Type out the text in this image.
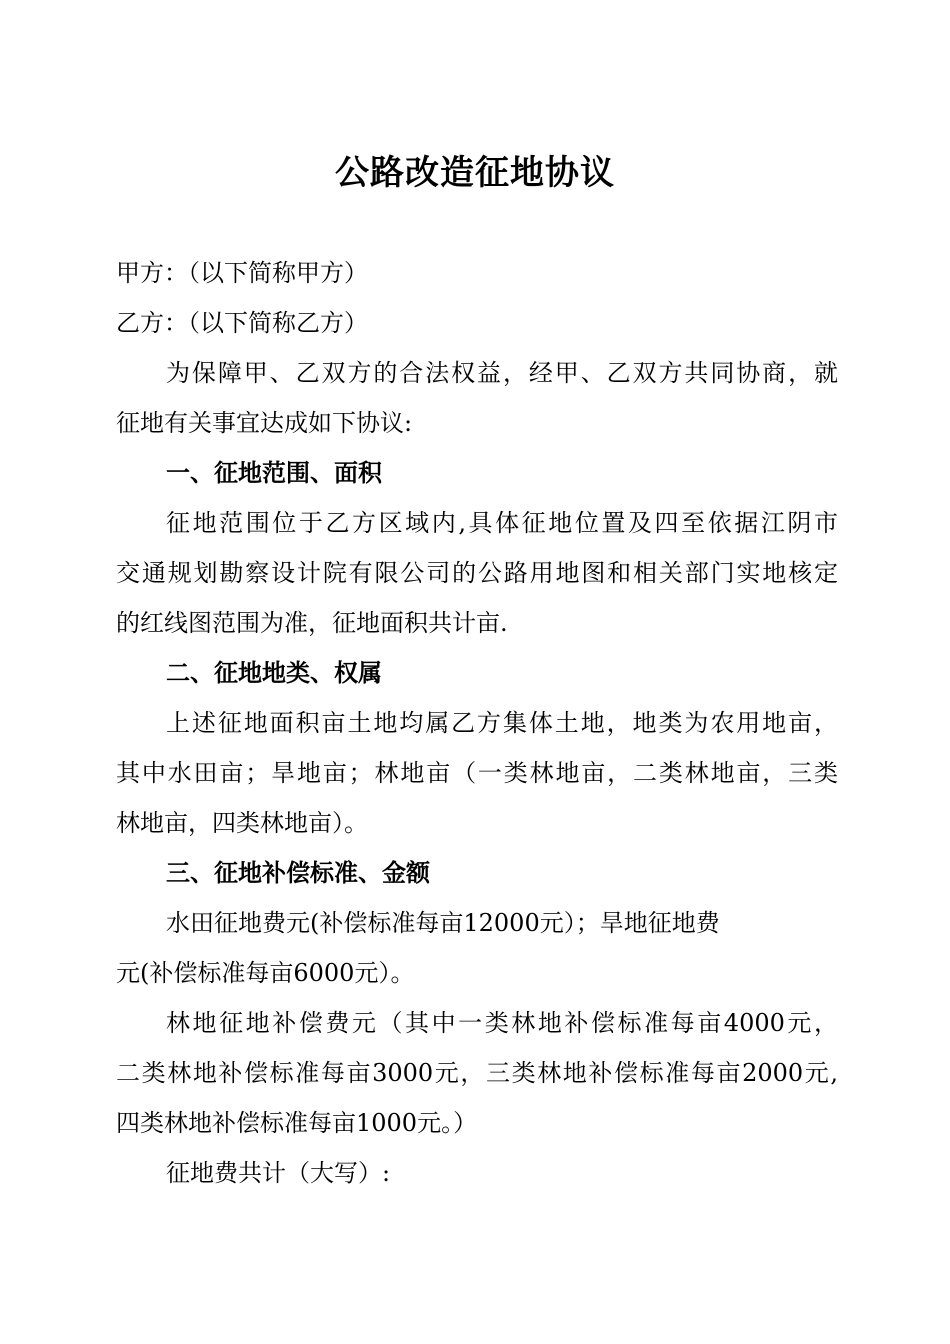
公路改造征地协议
甲方：（以下简称甲方）
乙方：（以下简称乙方）
为保障甲、乙双方的合法权益，经甲、乙双方共同协商，就
征地有关事宜达成如下协议:
一、征地范围、面积
征地范围位于乙方区域内,具体征地位置及四至依据江阴市
交通规划勘察设计院有限公司的公路用地图和相关部门实地核定
的红线图范围为准，征地面积共计亩.
二、征地地类、权属
上述征地面积亩土地均属乙方集体土地，地类为农用地亩，
其中水田亩；旱地亩；林地亩（一类林地亩，二类林地亩，三类
林地亩，四类林地亩）。
三、征地补偿标准、金额
水田征地费元(补偿标准每亩12000元）；旱地征地费
元(补偿标准每亩6000元）。
林地征地补偿费元（其中一类林地补偿标准每亩4000元，
二类林地补偿标准每亩3000元，三类林地补偿标准每亩2000元,
四类林地补偿标准每亩1000元。）
征地费共计（大写）:
